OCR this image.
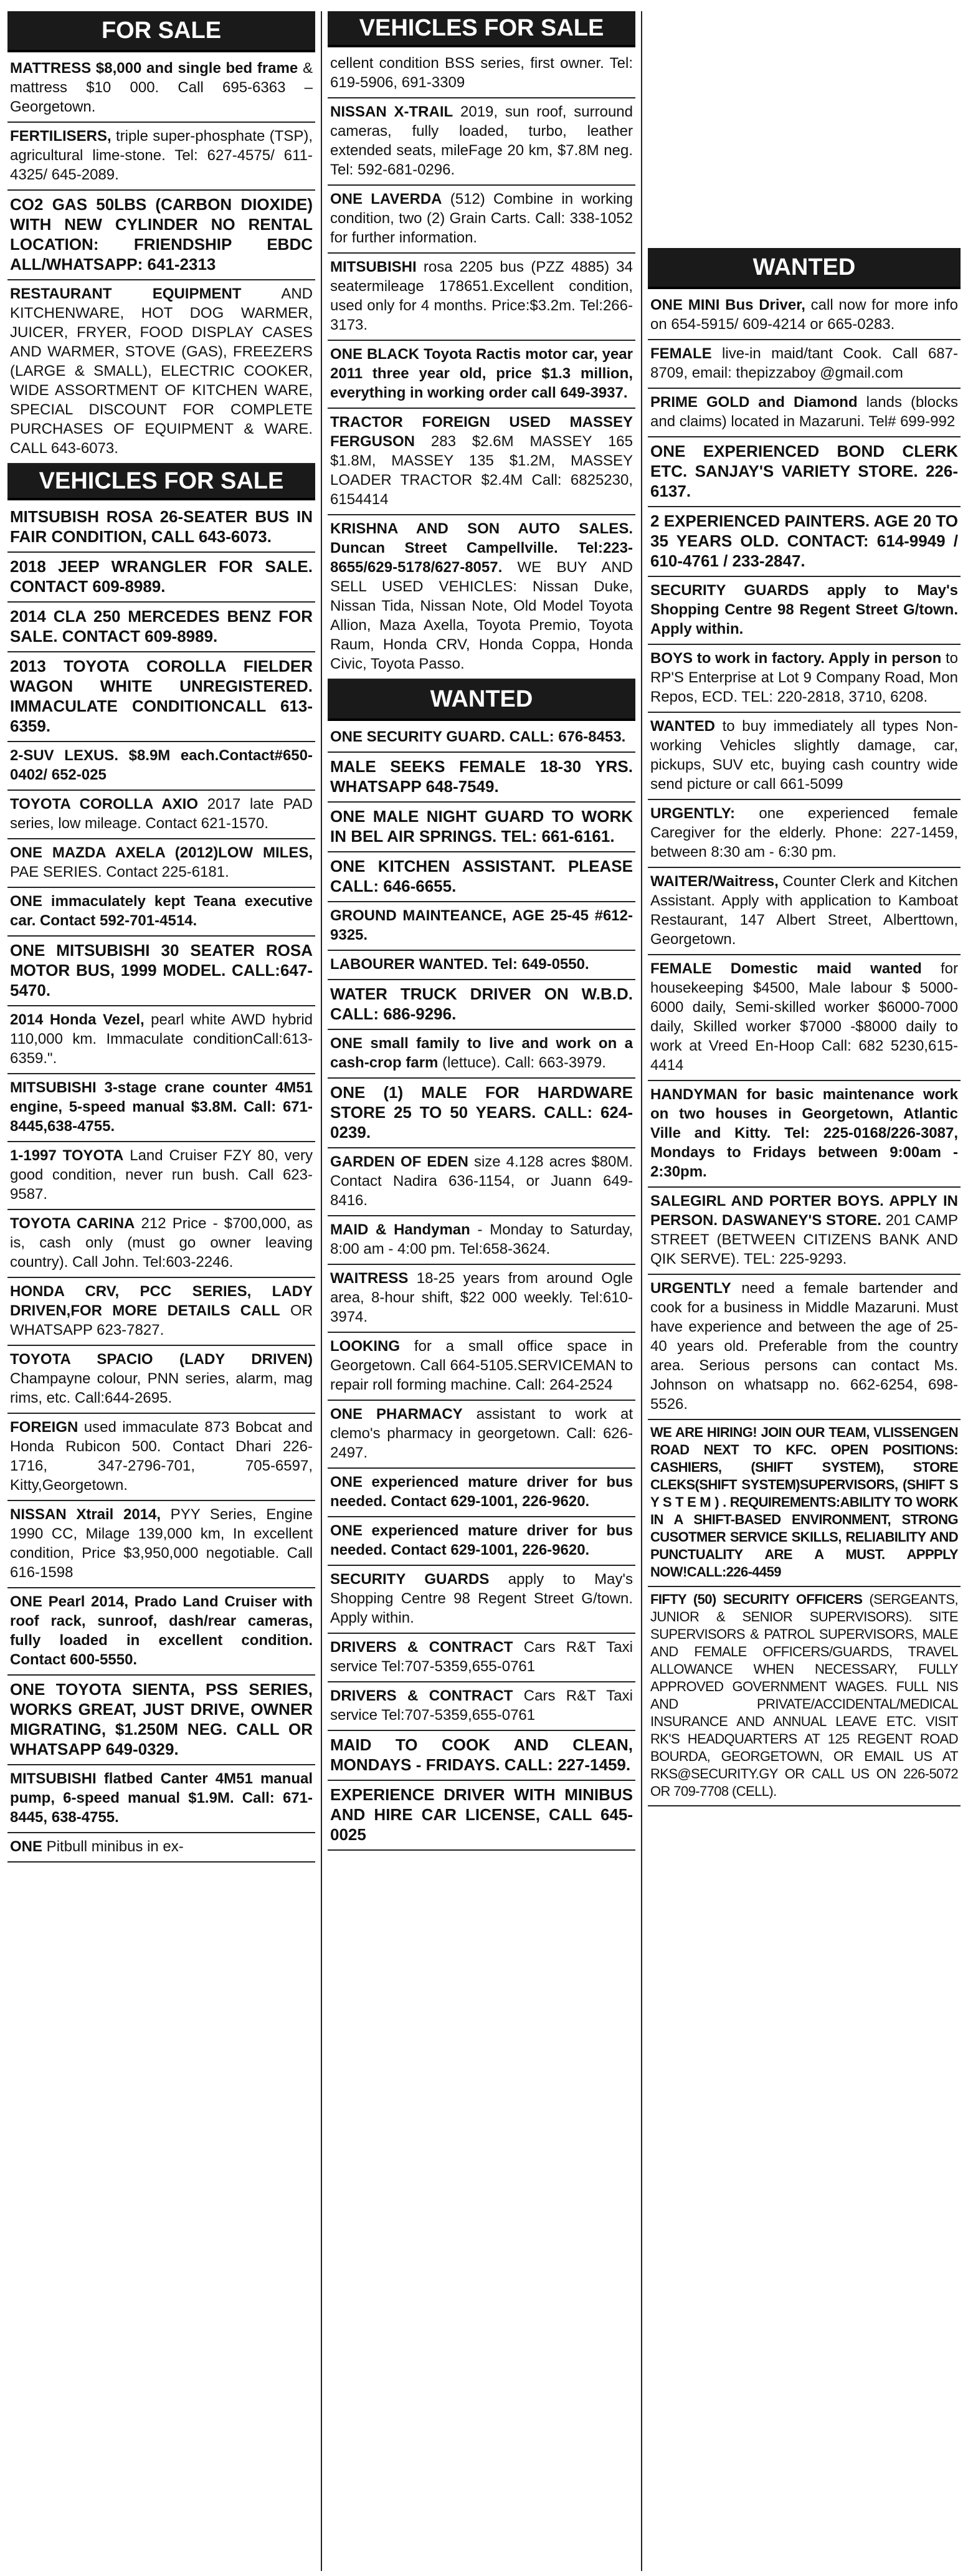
FOR SALE
MATTRESS $8,000 and single bed frame & mattress $10 000. Call 695-6363 – Georgetown.
FERTILISERS, triple super-phosphate (TSP), agricultural lime-stone. Tel: 627-4575/ 611-4325/ 645-2089.
CO2 GAS 50LBS (CARBON DIOXIDE) WITH NEW CYLINDER NO RENTAL LOCATION: FRIENDSHIP EBDC ALL/WHATSAPP: 641-2313
RESTAURANT EQUIPMENT AND KITCHENWARE, HOT DOG WARMER, JUICER, FRYER, FOOD DISPLAY CASES AND WARMER, STOVE (GAS), FREEZERS (LARGE & SMALL), ELECTRIC COOKER, WIDE ASSORTMENT OF KITCHEN WARE, SPECIAL DISCOUNT FOR COMPLETE PURCHASES OF EQUIPMENT & WARE. CALL 643-6073.
VEHICLES FOR SALE
MITSUBISH ROSA 26-SEATER BUS IN FAIR CONDITION, CALL 643-6073.
2018 JEEP WRANGLER FOR SALE. CONTACT 609-8989.
2014 CLA 250 MERCEDES BENZ FOR SALE. CONTACT 609-8989.
2013 TOYOTA COROLLA FIELDER WAGON WHITE UNREGISTERED. IMMACULATE CONDITIONCALL 613-6359.
2-SUV LEXUS. $8.9M each.Contact#650-0402/ 652-025
TOYOTA COROLLA AXIO 2017 late PAD series, low mileage. Contact 621-1570.
ONE MAZDA AXELA (2012)LOW MILES, PAE SERIES. Contact 225-6181.
ONE immaculately kept Teana executive car. Contact 592-701-4514.
ONE MITSUBISHI 30 SEATER ROSA MOTOR BUS, 1999 MODEL. CALL:647-5470.
2014 Honda Vezel, pearl white AWD hybrid 110,000 km. Immaculate conditionCall:613-6359.".
MITSUBISHI 3-stage crane counter 4M51 engine, 5-speed manual $3.8M. Call: 671-8445,638-4755.
1-1997 TOYOTA Land Cruiser FZY 80, very good condition, never run bush. Call 623-9587.
TOYOTA CARINA 212 Price - $700,000, as is, cash only (must go owner leaving country). Call John. Tel:603-2246.
HONDA CRV, PCC SERIES, LADY DRIVEN,FOR MORE DETAILS CALL OR WHATSAPP 623-7827.
TOYOTA SPACIO (LADY DRIVEN) Champayne colour, PNN series, alarm, mag rims, etc. Call:644-2695.
FOREIGN used immaculate 873 Bobcat and Honda Rubicon 500. Contact Dhari 226-1716, 347-2796-701, 705-6597, Kitty,Georgetown.
NISSAN Xtrail 2014, PYY Series, Engine 1990 CC, Milage 139,000 km, In excellent condition, Price $3,950,000 negotiable. Call 616-1598
ONE Pearl 2014, Prado Land Cruiser with roof rack, sunroof, dash/rear cameras, fully loaded in excellent condition. Contact 600-5550.
ONE TOYOTA SIENTA, PSS SERIES, WORKS GREAT, JUST DRIVE, OWNER MIGRATING, $1.250M NEG. CALL OR WHATSAPP 649-0329.
MITSUBISHI flatbed Canter 4M51 manual pump, 6-speed manual $1.9M. Call: 671-8445, 638-4755.
ONE Pitbull minibus in ex-
VEHICLES FOR SALE
cellent condition BSS series, first owner. Tel: 619-5906, 691-3309
NISSAN X-TRAIL 2019, sun roof, surround cameras, fully loaded, turbo, leather extended seats, mileFage 20 km, $7.8M neg. Tel: 592-681-0296.
ONE LAVERDA (512) Combine in working condition, two (2) Grain Carts. Call: 338-1052 for further information.
MITSUBISHI rosa 2205 bus (PZZ 4885) 34 seatermileage 178651.Excellent condition, used only for 4 months. Price:$3.2m. Tel:266-3173.
ONE BLACK Toyota Ractis motor car, year 2011 three year old, price $1.3 million, everything in working order call 649-3937.
TRACTOR FOREIGN USED MASSEY FERGUSON 283 $2.6M MASSEY 165 $1.8M, MASSEY 135 $1.2M, MASSEY LOADER TRACTOR $2.4M Call: 6825230, 6154414
KRISHNA AND SON AUTO SALES. Duncan Street Campellville. Tel:223-8655/629-5178/627-8057. WE BUY AND SELL USED VEHICLES: Nissan Duke, Nissan Tida, Nissan Note, Old Model Toyota Allion, Maza Axella, Toyota Premio, Toyota Raum, Honda CRV, Honda Coppa, Honda Civic, Toyota Passo.
WANTED
ONE SECURITY GUARD. CALL: 676-8453.
MALE SEEKS FEMALE 18-30 YRS. WHATSAPP 648-7549.
ONE MALE NIGHT GUARD TO WORK IN BEL AIR SPRINGS. TEL: 661-6161.
ONE KITCHEN ASSISTANT. PLEASE CALL: 646-6655.
GROUND MAINTEANCE, AGE 25-45 #612-9325.
LABOURER WANTED. Tel: 649-0550.
WATER TRUCK DRIVER ON W.B.D. CALL: 686-9296.
ONE small family to live and work on a cash-crop farm (lettuce). Call: 663-3979.
ONE (1) MALE FOR HARDWARE STORE 25 TO 50 YEARS. CALL: 624-0239.
GARDEN OF EDEN size 4.128 acres $80M. Contact Nadira 636-1154, or Juann 649-8416.
MAID & Handyman - Monday to Saturday, 8:00 am - 4:00 pm. Tel:658-3624.
WAITRESS 18-25 years from around Ogle area, 8-hour shift, $22 000 weekly. Tel:610-3974.
LOOKING for a small office space in Georgetown. Call 664-5105.SERVICEMAN to repair roll forming machine. Call: 264-2524
ONE PHARMACY assistant to work at clemo's pharmacy in georgetown. Call: 626-2497.
ONE experienced mature driver for bus needed. Contact 629-1001, 226-9620.
ONE experienced mature driver for bus needed. Contact 629-1001, 226-9620.
SECURITY GUARDS apply to May's Shopping Centre 98 Regent Street G/town. Apply within.
DRIVERS & CONTRACT Cars R&T Taxi service Tel:707-5359,655-0761
DRIVERS & CONTRACT Cars R&T Taxi service Tel:707-5359,655-0761
MAID TO COOK AND CLEAN, MONDAYS - FRIDAYS. CALL: 227-1459.
EXPERIENCE DRIVER WITH MINIBUS AND HIRE CAR LICENSE, CALL 645-0025
WANTED
ONE MINI Bus Driver, call now for more info on 654-5915/ 609-4214 or 665-0283.
FEMALE live-in maid/tant Cook. Call 687-8709, email: thepizzaboy @gmail.com
PRIME GOLD and Diamond lands (blocks and claims) located in Mazaruni. Tel# 699-992
ONE EXPERIENCED BOND CLERK ETC. SANJAY'S VARIETY STORE. 226-6137.
2 EXPERIENCED PAINTERS. AGE 20 TO 35 YEARS OLD. CONTACT: 614-9949 / 610-4761 / 233-2847.
SECURITY GUARDS apply to May's Shopping Centre 98 Regent Street G/town. Apply within.
BOYS to work in factory. Apply in person to RP'S Enterprise at Lot 9 Company Road, Mon Repos, ECD. TEL: 220-2818, 3710, 6208.
WANTED to buy immediately all types Non-working Vehicles slightly damage, car, pickups, SUV etc, buying cash country wide send picture or call 661-5099
URGENTLY: one experienced female Caregiver for the elderly. Phone: 227-1459, between 8:30 am - 6:30 pm.
WAITER/Waitress, Counter Clerk and Kitchen Assistant. Apply with application to Kamboat Restaurant, 147 Albert Street, Alberttown, Georgetown.
FEMALE Domestic maid wanted for housekeeping $4500, Male labour $ 5000-6000 daily, Semi-skilled worker $6000-7000 daily, Skilled worker $7000 -$8000 daily to work at Vreed En-Hoop Call: 682 5230,615- 4414
HANDYMAN for basic maintenance work on two houses in Georgetown, Atlantic Ville and Kitty. Tel: 225-0168/226-3087, Mondays to Fridays between 9:00am - 2:30pm.
SALEGIRL AND PORTER BOYS. APPLY IN PERSON. DASWANEY'S STORE. 201 CAMP STREET (BETWEEN CITIZENS BANK AND QIK SERVE). TEL: 225-9293.
URGENTLY need a female bartender and cook for a business in Middle Mazaruni. Must have experience and between the age of 25-40 years old. Preferable from the country area. Serious persons can contact Ms. Johnson on whatsapp no. 662-6254, 698-5526.
WE ARE HIRING! JOIN OUR TEAM, VLISSENGEN ROAD NEXT TO KFC. OPEN POSITIONS: CASHIERS, (SHIFT SYSTEM), STORE CLEKS(SHIFT SYSTEM)SUPERVISORS, (SHIFT S Y S T E M ) . REQUIREMENTS:ABILITY TO WORK IN A SHIFT-BASED ENVIRONMENT, STRONG CUSOTMER SERVICE SKILLS, RELIABILITY AND PUNCTUALITY ARE A MUST. APPPLY NOW!CALL:226-4459
FIFTY (50) SECURITY OFFICERS (SERGEANTS, JUNIOR & SENIOR SUPERVISORS). SITE SUPERVISORS & PATROL SUPERVISORS, MALE AND FEMALE OFFICERS/GUARDS, TRAVEL ALLOWANCE WHEN NECESSARY, FULLY APPROVED GOVERNMENT WAGES. FULL NIS AND PRIVATE/ACCIDENTAL/MEDICAL INSURANCE AND ANNUAL LEAVE ETC. VISIT RK'S HEADQUARTERS AT 125 REGENT ROAD BOURDA, GEORGETOWN, OR EMAIL US AT RKS@SECURITY.GY OR CALL US ON 226-5072 OR 709-7708 (CELL).
